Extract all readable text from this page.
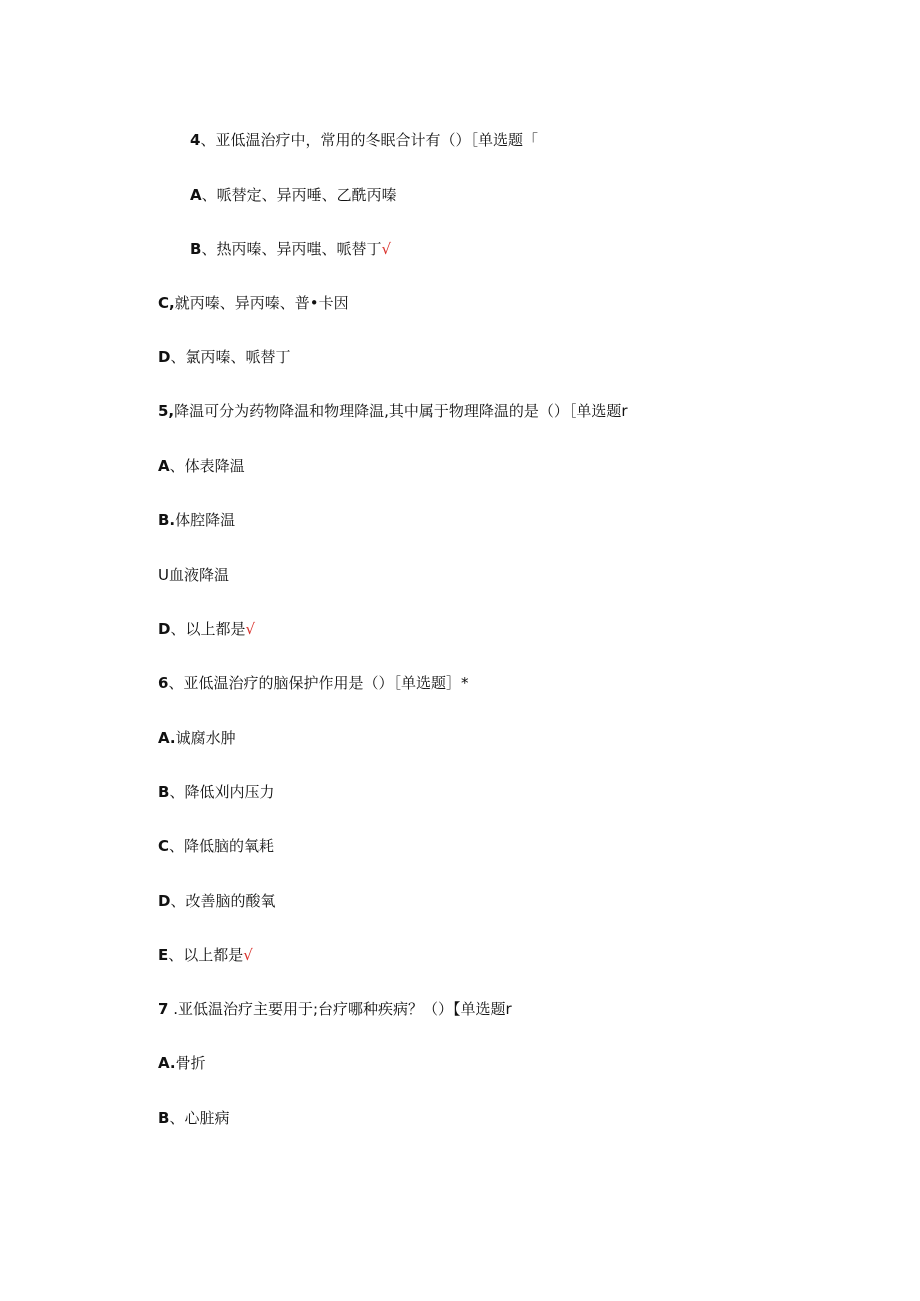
4、亚低温治疗中，常用的冬眠合计有（）［单选题「
A、哌替定、异丙唾、乙酰丙嗪
B、热丙嗪、异丙嗤、哌替丁√
C,就丙嗪、异丙嗪、普•卡因
D、氯丙嗪、哌替丁
5,降温可分为药物降温和物理降温,其中属于物理降温的是（）［单选题r
A、体表降温
B.体腔降温
U血液降温
D、以上都是√
6、亚低温治疗的脑保护作用是（）［单选题］*
A.诚腐水肿
B、降低刈内压力
C、降低脑的氧耗
D、改善脑的酸氧
E、以上都是√
7 .亚低温治疗主要用于;台疗哪种疾病？（）【单选题r
A.骨折
B、心脏病
